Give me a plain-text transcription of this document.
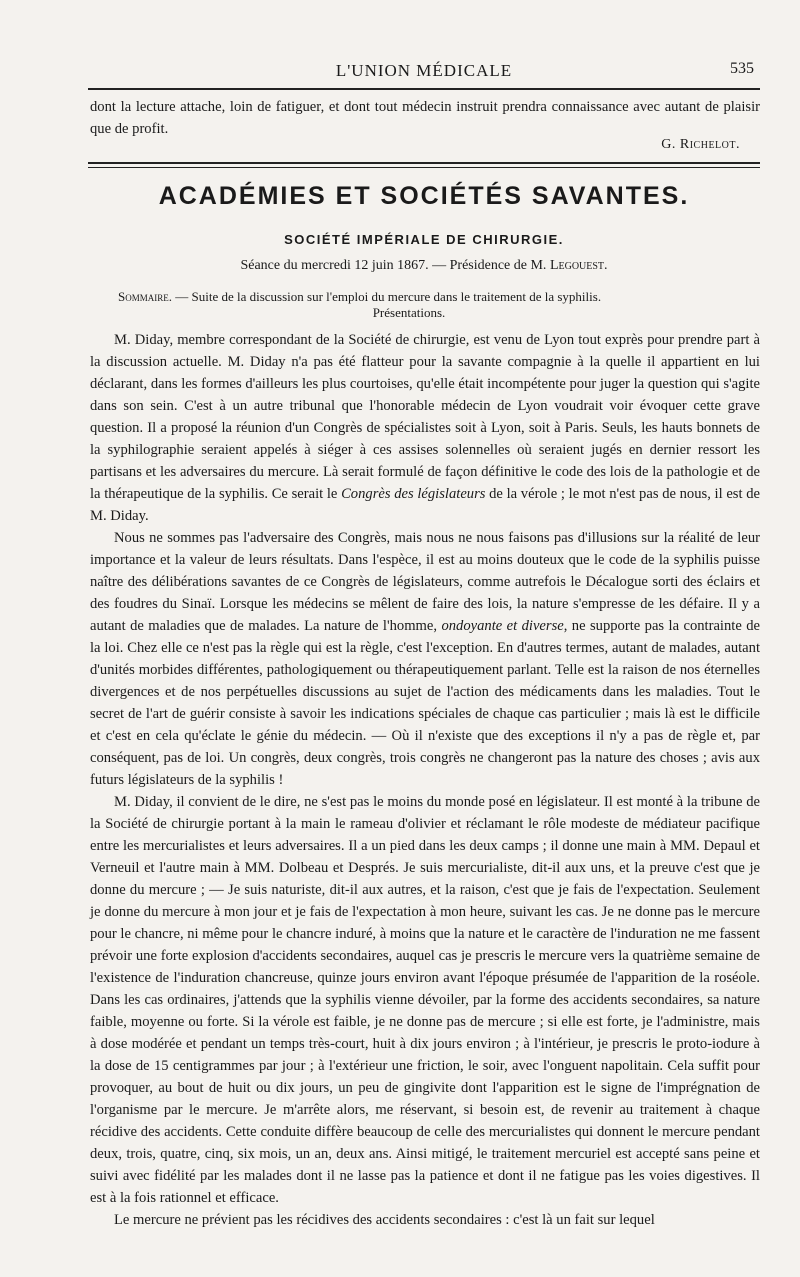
L'UNION MÉDICALE	535

dont la lecture attache, loin de fatiguer, et dont tout médecin instruit prendra connaissance avec autant de plaisir que de profit.

G. Richelot.
ACADÉMIES ET SOCIÉTÉS SAVANTES.
SOCIÉTÉ IMPÉRIALE DE CHIRURGIE.
Séance du mercredi 12 juin 1867. — Présidence de M. Legouest.
Sommaire. — Suite de la discussion sur l'emploi du mercure dans le traitement de la syphilis.
Présentations.

M. Diday, membre correspondant de la Société de chirurgie, est venu de Lyon tout exprès pour prendre part à la discussion actuelle. M. Diday n'a pas été flatteur pour la savante compagnie à la quelle il appartient en lui déclarant, dans les formes d'ailleurs les plus courtoises, qu'elle était incompétente pour juger la question qui s'agite dans son sein. C'est à un autre tribunal que l'honorable médecin de Lyon voudrait voir évoquer cette grave question. Il a proposé la réunion d'un Congrès de spécialistes soit à Lyon, soit à Paris. Seuls, les hauts bonnets de la syphilographie seraient appelés à siéger à ces assises solennelles où seraient jugés en dernier ressort les partisans et les adversaires du mercure. Là serait formulé de façon définitive le code des lois de la pathologie et de la thérapeutique de la syphilis. Ce serait le Congrès des législateurs de la vérole ; le mot n'est pas de nous, il est de M. Diday.

Nous ne sommes pas l'adversaire des Congrès, mais nous ne nous faisons pas d'illusions sur la réalité de leur importance et la valeur de leurs résultats. Dans l'espèce, il est au moins douteux que le code de la syphilis puisse naître des délibérations savantes de ce Congrès de législateurs, comme autrefois le Décalogue sorti des éclairs et des foudres du Sinaï. Lorsque les médecins se mêlent de faire des lois, la nature s'empresse de les défaire. Il y a autant de maladies que de malades. La nature de l'homme, ondoyante et diverse, ne supporte pas la contrainte de la loi. Chez elle ce n'est pas la règle qui est la règle, c'est l'exception. En d'autres termes, autant de malades, autant d'unités morbides différentes, pathologiquement ou thérapeutiquement parlant. Telle est la raison de nos éternelles divergences et de nos perpétuelles discussions au sujet de l'action des médicaments dans les maladies. Tout le secret de l'art de guérir consiste à savoir les indications spéciales de chaque cas particulier ; mais là est le difficile et c'est en cela qu'éclate le génie du médecin. — Où il n'existe que des exceptions il n'y a pas de règle et, par conséquent, pas de loi. Un congrès, deux congrès, trois congrès ne changeront pas la nature des choses ; avis aux futurs législateurs de la syphilis !

M. Diday, il convient de le dire, ne s'est pas le moins du monde posé en législateur. Il est monté à la tribune de la Société de chirurgie portant à la main le rameau d'olivier et réclamant le rôle modeste de médiateur pacifique entre les mercurialistes et leurs adversaires. Il a un pied dans les deux camps ; il donne une main à MM. Depaul et Verneuil et l'autre main à MM. Dolbeau et Després. Je suis mercurialiste, dit-il aux uns, et la preuve c'est que je donne du mercure ; — Je suis naturiste, dit-il aux autres, et la raison, c'est que je fais de l'expectation. Seulement je donne du mercure à mon jour et je fais de l'expectation à mon heure, suivant les cas. Je ne donne pas le mercure pour le chancre, ni même pour le chancre induré, à moins que la nature et le caractère de l'induration ne me fassent prévoir une forte explosion d'accidents secondaires, auquel cas je prescris le mercure vers la quatrième semaine de l'existence de l'induration chancreuse, quinze jours environ avant l'époque présumée de l'apparition de la roséole. Dans les cas ordinaires, j'attends que la syphilis vienne dévoiler, par la forme des accidents secondaires, sa nature faible, moyenne ou forte. Si la vérole est faible, je ne donne pas de mercure ; si elle est forte, je l'administre, mais à dose modérée et pendant un temps très-court, huit à dix jours environ ; à l'intérieur, je prescris le proto-iodure à la dose de 15 centigrammes par jour ; à l'extérieur une friction, le soir, avec l'onguent napolitain. Cela suffit pour provoquer, au bout de huit ou dix jours, un peu de gingivite dont l'apparition est le signe de l'imprégnation de l'organisme par le mercure. Je m'arrête alors, me réservant, si besoin est, de revenir au traitement à chaque récidive des accidents. Cette conduite diffère beaucoup de celle des mercurialistes qui donnent le mercure pendant deux, trois, quatre, cinq, six mois, un an, deux ans. Ainsi mitigé, le traitement mercuriel est accepté sans peine et suivi avec fidélité par les malades dont il ne lasse pas la patience et dont il ne fatigue pas les voies digestives. Il est à la fois rationnel et efficace.

Le mercure ne prévient pas les récidives des accidents secondaires : c'est là un fait sur lequel
